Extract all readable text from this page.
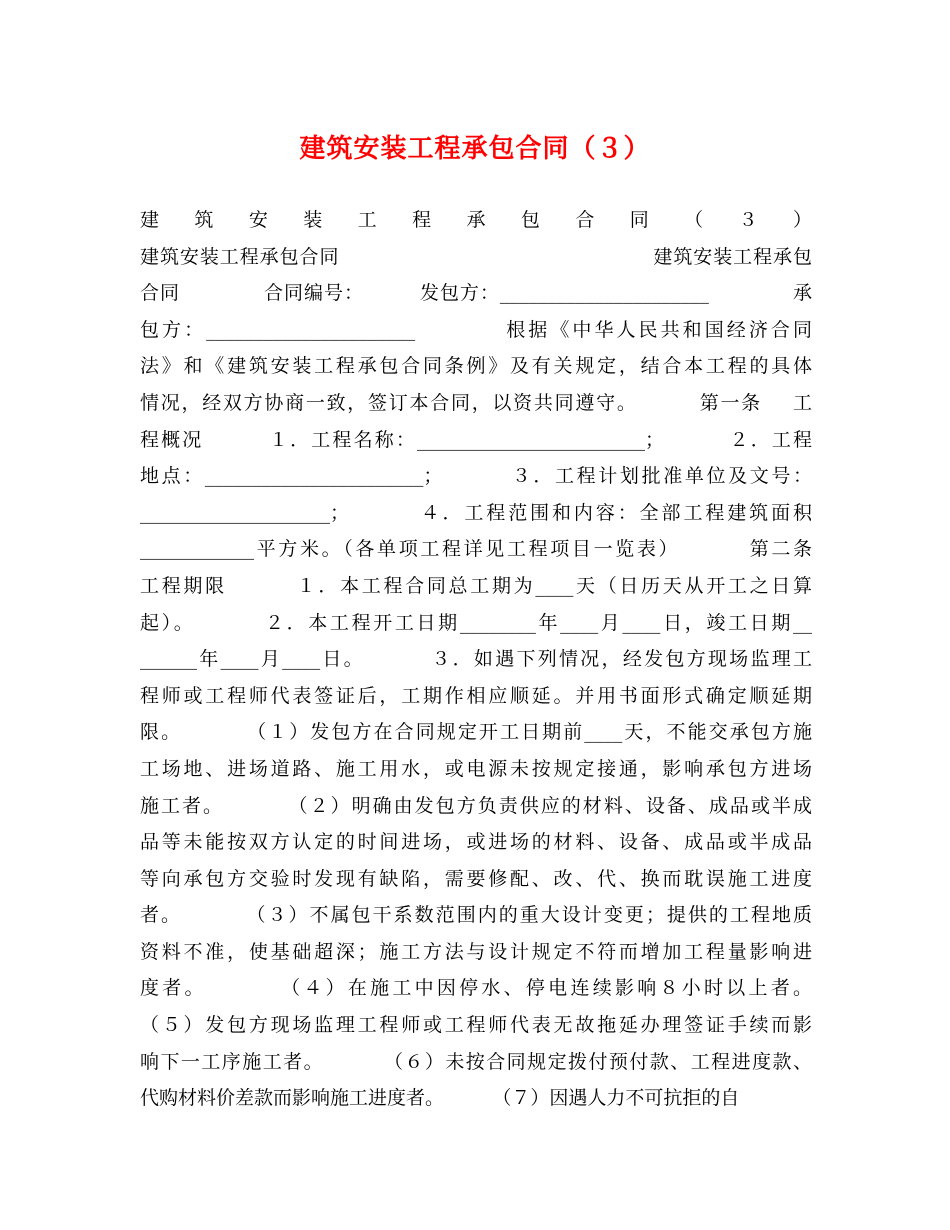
建筑安装工程承包合同（３）
建筑安装工程承包合同（３）
建筑安装工程承包合同                                             建筑安装工程承包
合同            合同编号：        发包方：______________________            承
包方：______________________          根据《中华人民共和国经济合同
法》和《建筑安装工程承包合同条例》及有关规定，结合本工程的具体
情况，经双方协商一致，签订本合同，以资共同遵守。        第一条    工
程概况        １．工程名称：________________________；        ２．工程
地点：_______________________；        ３．工程计划批准单位及文号：
____________________；        ４．工程范围和内容：全部工程建筑面积
____________平方米。（各单项工程详见工程项目一览表）        第二条
工程期限        １．本工程合同总工期为____天（日历天从开工之日算
起）。        ２．本工程开工日期________年____月____日，竣工日期__
______年____月____日。        ３．如遇下列情况，经发包方现场监理工
程师或工程师代表签证后，工期作相应顺延。并用书面形式确定顺延期
限。        （１）发包方在合同规定开工日期前____天，不能交承包方施
工场地、进场道路、施工用水，或电源未按规定接通，影响承包方进场
施工者。        （２）明确由发包方负责供应的材料、设备、成品或半成
品等未能按双方认定的时间进场，或进场的材料、设备、成品或半成品
等向承包方交验时发现有缺陷，需要修配、改、代、换而耽误施工进度
者。        （３）不属包干系数范围内的重大设计变更；提供的工程地质
资料不准，使基础超深；施工方法与设计规定不符而增加工程量影响进
度者。        （４）在施工中因停水、停电连续影响８小时以上者。
（５）发包方现场监理工程师或工程师代表无故拖延办理签证手续而影
响下一工序施工者。        （６）未按合同规定拨付预付款、工程进度款、
代购材料价差款而影响施工进度者。        （７）因遇人力不可抗拒的自
